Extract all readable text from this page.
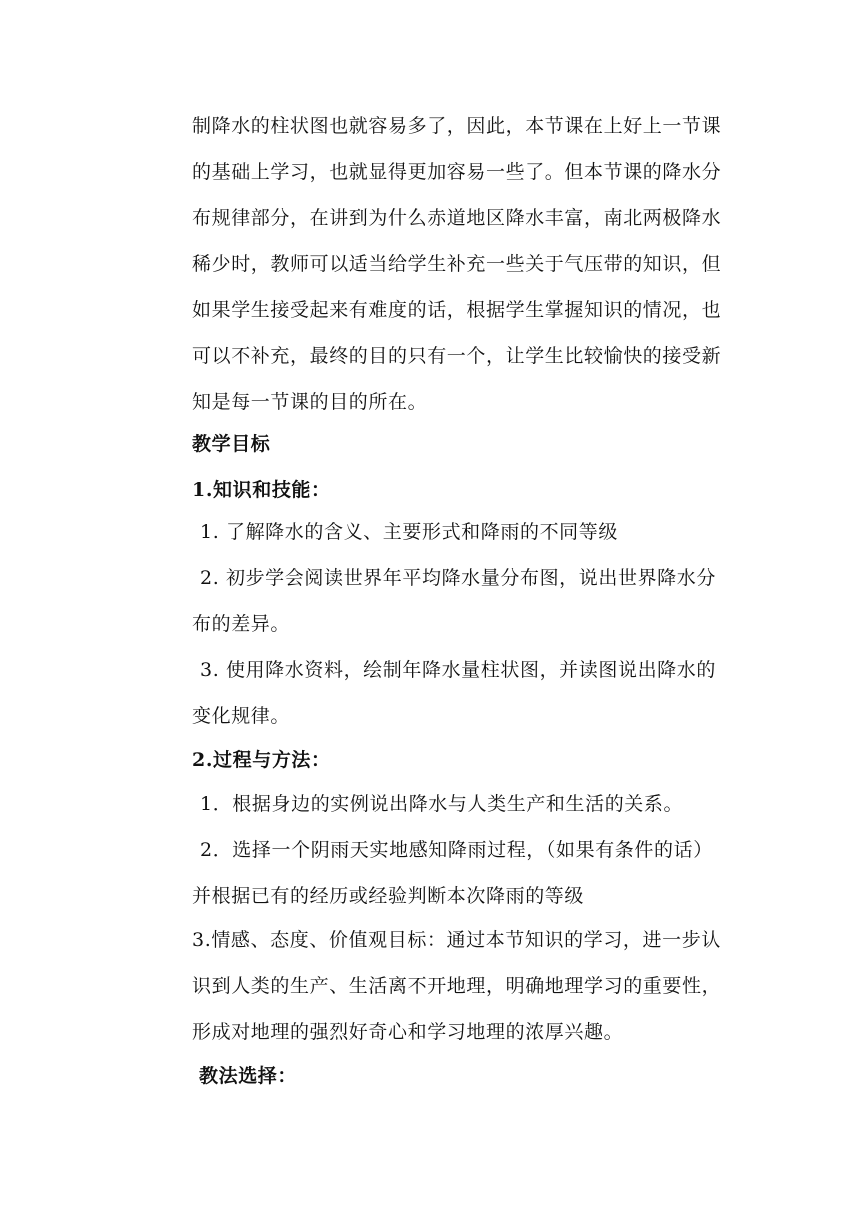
制降水的柱状图也就容易多了，因此，本节课在上好上一节课
的基础上学习，也就显得更加容易一些了。但本节课的降水分
布规律部分，在讲到为什么赤道地区降水丰富，南北两极降水
稀少时，教师可以适当给学生补充一些关于气压带的知识，但
如果学生接受起来有难度的话，根据学生掌握知识的情况，也
可以不补充，最终的目的只有一个，让学生比较愉快的接受新
知是每一节课的目的所在。
教学目标
1.知识和技能：
1. 了解降水的含义、主要形式和降雨的不同等级
2. 初步学会阅读世界年平均降水量分布图，说出世界降水分
布的差异。
3. 使用降水资料，绘制年降水量柱状图，并读图说出降水的
变化规律。
2.过程与方法：
1．根据身边的实例说出降水与人类生产和生活的关系。
2．选择一个阴雨天实地感知降雨过程，（如果有条件的话）
并根据已有的经历或经验判断本次降雨的等级
3.情感、态度、价值观目标：通过本节知识的学习，进一步认
识到人类的生产、生活离不开地理，明确地理学习的重要性，
形成对地理的强烈好奇心和学习地理的浓厚兴趣。
教法选择：
